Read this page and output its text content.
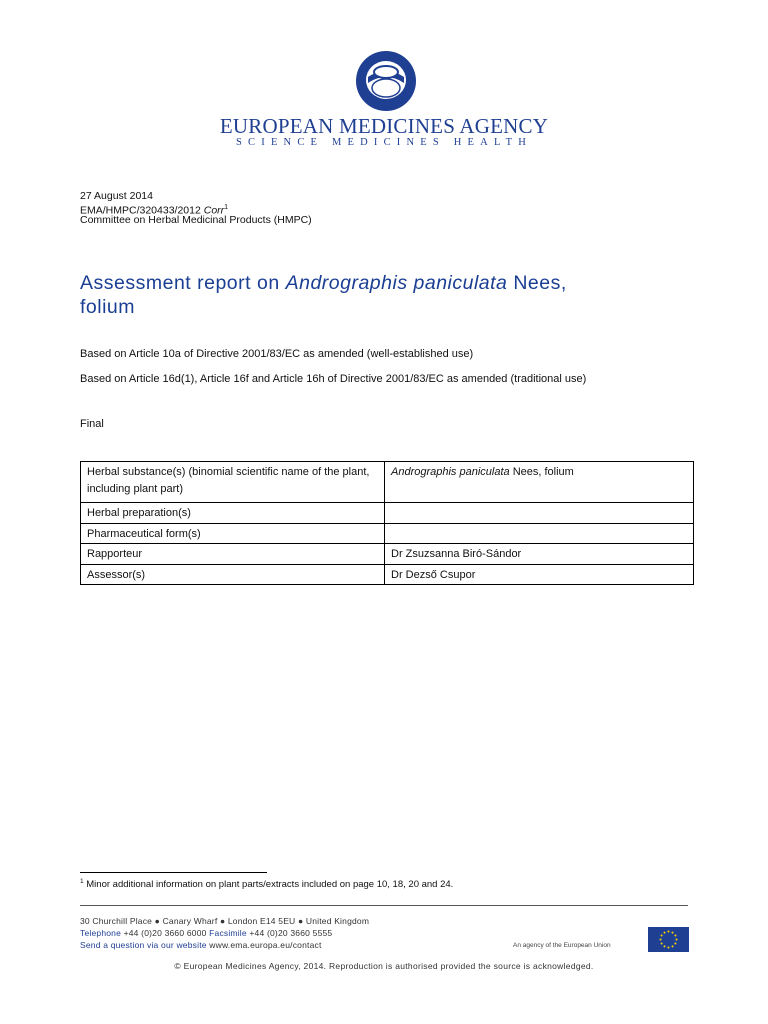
EUROPEAN MEDICINES AGENCY
SCIENCE MEDICINES HEALTH
27 August 2014
EMA/HMPC/320433/2012 Corr$^1$
Committee on Herbal Medicinal Products (HMPC)
Assessment report on Andrographis paniculata Nees,
folium
Based on Article 10a of Directive 2001/83/EC as amended (well-established use)
Based on Article 16d(1), Article 16f and Article 16h of Directive 2001/83/EC as amended (traditional use)
Final
Herbal substance(s) (binomial scientific name of the plant, including plant part)	Andrographis paniculata Nees, folium
Herbal preparation(s)	
Pharmaceutical form(s)	
Rapporteur	Dr Zsuzsanna Biró-Sándor
Assessor(s)	Dr Dezső Csupor
$^1$ Minor additional information on plant parts/extracts included on page 10, 18, 20 and 24.
30 Churchill Place ● Canary Wharf ● London E14 5EU ● United Kingdom
Telephone +44 (0)20 3660 6000 Facsimile +44 (0)20 3660 5555
Send a question via our website www.ema.europa.eu/contact	An agency of the European Union
© European Medicines Agency, 2014. Reproduction is authorised provided the source is acknowledged.
